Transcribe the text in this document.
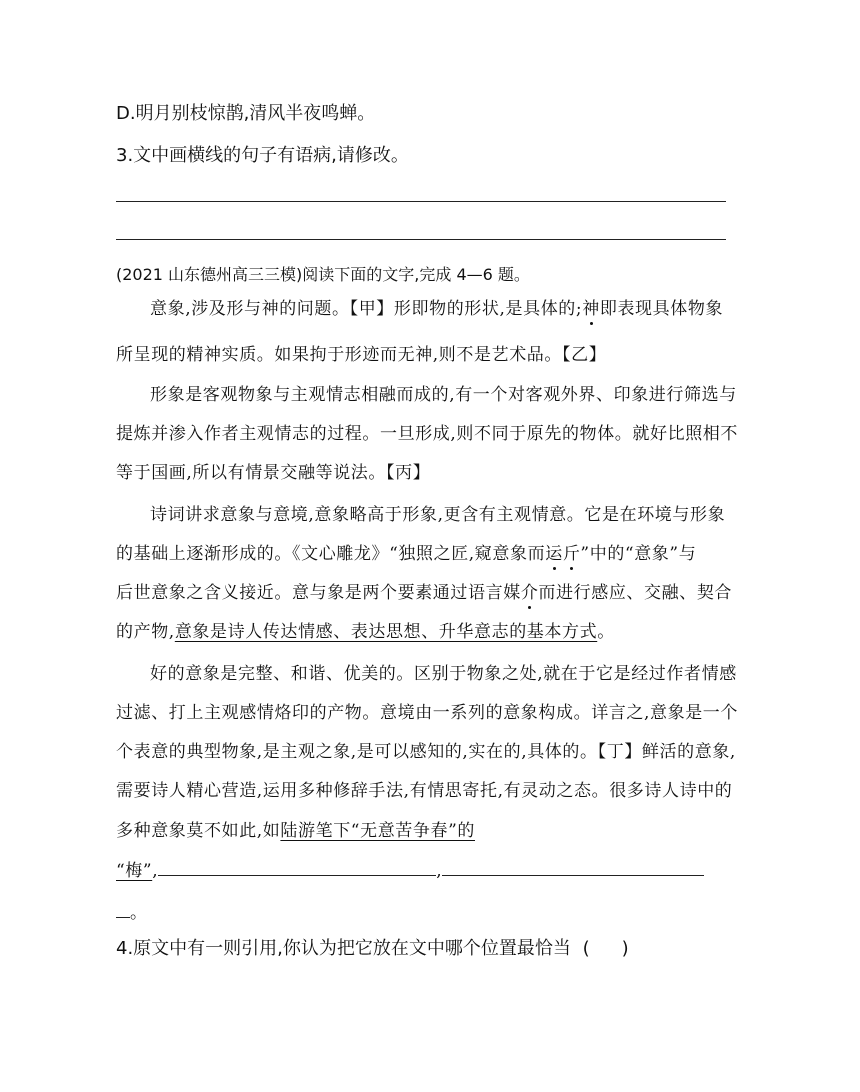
D.明月别枝惊鹊,清风半夜鸣蝉。
3.文中画横线的句子有语病,请修改。
(2021 山东德州高三三模)阅读下面的文字,完成 4—6 题。
意象,涉及形与神的问题。【甲】形即物的形状,是具体的;神即表现具体物象
所呈现的精神实质。如果拘于形迹而无神,则不是艺术品。【乙】
形象是客观物象与主观情志相融而成的,有一个对客观外界、印象进行筛选与
提炼并渗入作者主观情志的过程。一旦形成,则不同于原先的物体。就好比照相不
等于国画,所以有情景交融等说法。【丙】
诗词讲求意象与意境,意象略高于形象,更含有主观情意。它是在环境与形象
的基础上逐渐形成的。《文心雕龙》“独照之匠,窥意象而运斤”中的“意象”与
后世意象之含义接近。意与象是两个要素通过语言媒介而进行感应、交融、契合
的产物,意象是诗人传达情感、表达思想、升华意志的基本方式。
好的意象是完整、和谐、优美的。区别于物象之处,就在于它是经过作者情感
过滤、打上主观感情烙印的产物。意境由一系列的意象构成。详言之,意象是一个
个表意的典型物象,是主观之象,是可以感知的,实在的,具体的。【丁】鲜活的意象,
需要诗人精心营造,运用多种修辞手法,有情思寄托,有灵动之态。很多诗人诗中的
多种意象莫不如此,如陆游笔下“无意苦争春”的
“梅”,	,
。
4.原文中有一则引用,你认为把它放在文中哪个位置最恰当 ( )
